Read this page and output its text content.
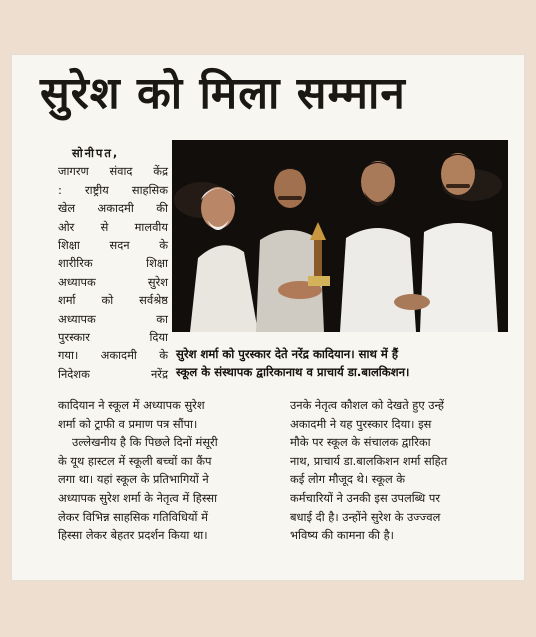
सुरेश को मिला सम्मान
सोनीपत,
जागरण संवाद केंद्र
: राष्ट्रीय साहसिक
खेल अकादमी की
ओर से मालवीय
शिक्षा सदन के
शारीरिक शिक्षा
अध्यापक सुरेश
शर्मा को सर्वश्रेष्ठ
अध्यापक का
पुरस्कार दिया
गया। अकादमी के
निदेशक नरेंद्र
सुरेश शर्मा को पुरस्कार देते नरेंद्र कादियान। साथ में हैं
स्कूल के संस्थापक द्वारिकानाथ व प्राचार्य डा.बालकिशन।
कादियान ने स्कूल में अध्यापक सुरेश
शर्मा को ट्राफी व प्रमाण पत्र सौंपा।
उल्लेखनीय है कि पिछले दिनों मंसूरी
के यूथ हास्टल में स्कूली बच्चों का कैंप
लगा था। यहां स्कूल के प्रतिभागियों ने
अध्यापक सुरेश शर्मा के नेतृत्व में हिस्सा
लेकर विभिन्न साहसिक गतिविधियों में
हिस्सा लेकर बेहतर प्रदर्शन किया था।
उनके नेतृत्व कौशल को देखते हुए उन्हें
अकादमी ने यह पुरस्कार दिया। इस
मौके पर स्कूल के संचालक द्वारिका
नाथ, प्राचार्य डा.बालकिशन शर्मा सहित
कई लोग मौजूद थे। स्कूल के
कर्मचारियों ने उनकी इस उपलब्धि पर
बधाई दी है। उन्होंने सुरेश के उज्ज्वल
भविष्य की कामना की है।
